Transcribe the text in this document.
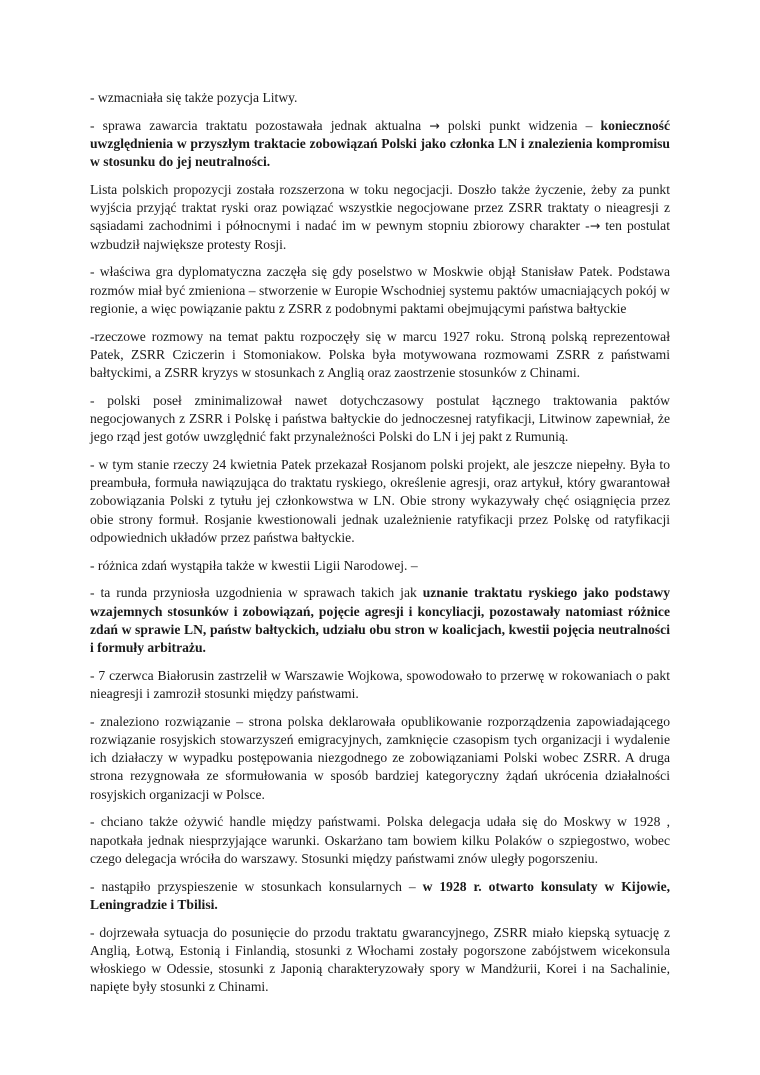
- wzmacniała się także pozycja Litwy.

- sprawa zawarcia traktatu pozostawała jednak aktualna → polski punkt widzenia – konieczność uwzględnienia w przyszłym traktacie zobowiązań Polski jako członka LN i znalezienia kompromisu w stosunku do jej neutralności.

Lista polskich propozycji została rozszerzona w toku negocjacji. Doszło także życzenie, żeby za punkt wyjścia przyjąć traktat ryski oraz powiązać wszystkie negocjowane przez ZSRR traktaty o nieagresji z sąsiadami zachodnimi i północnymi i nadać im w pewnym stopniu zbiorowy charakter -→ ten postulat wzbudził największe protesty Rosji.

- właściwa gra dyplomatyczna zaczęła się gdy poselstwo w Moskwie objął Stanisław Patek. Podstawa rozmów miał być zmieniona – stworzenie w Europie Wschodniej systemu paktów umacniających pokój w regionie, a więc powiązanie paktu z ZSRR z podobnymi paktami obejmującymi państwa bałtyckie

-rzeczowe rozmowy na temat paktu rozpoczęły się w marcu 1927 roku. Stroną polską reprezentował Patek, ZSRR Cziczerin i Stomoniakow. Polska była motywowana rozmowami ZSRR z państwami bałtyckimi, a ZSRR kryzys w stosunkach z Anglią oraz zaostrzenie stosunków z Chinami.

- polski poseł zminimalizował nawet dotychczasowy postulat łącznego traktowania paktów negocjowanych z ZSRR i Polskę i państwa bałtyckie do jednoczesnej ratyfikacji, Litwinow zapewniał, że jego rząd jest gotów uwzględnić fakt przynależności Polski do LN i jej pakt z Rumunią.

- w tym stanie rzeczy 24 kwietnia Patek przekazał Rosjanom polski projekt, ale jeszcze niepełny. Była to preambuła, formuła nawiązująca do traktatu ryskiego, określenie agresji, oraz artykuł, który gwarantował zobowiązania Polski z tytułu jej członkowstwa w LN. Obie strony wykazywały chęć osiągnięcia przez obie strony formuł. Rosjanie kwestionowali jednak uzależnienie ratyfikacji przez Polskę od ratyfikacji odpowiednich układów przez państwa bałtyckie.

- różnica zdań wystąpiła także w kwestii Ligii Narodowej. –

- ta runda przyniosła uzgodnienia w sprawach takich jak uznanie traktatu ryskiego jako podstawy wzajemnych stosunków i zobowiązań, pojęcie agresji i koncyliacji, pozostawały natomiast różnice zdań w sprawie LN, państw bałtyckich, udziału obu stron w koalicjach, kwestii pojęcia neutralności i formuły arbitrażu.

- 7 czerwca Białorusin zastrzelił w Warszawie Wojkowa, spowodowało to przerwę w rokowaniach o pakt nieagresji i zamroził stosunki między państwami.

- znaleziono rozwiązanie – strona polska deklarowała opublikowanie rozporządzenia zapowiadającego rozwiązanie rosyjskich stowarzyszeń emigracyjnych, zamknięcie czasopism tych organizacji i wydalenie ich działaczy w wypadku postępowania niezgodnego ze zobowiązaniami Polski wobec ZSRR. A druga strona rezygnowała ze sformułowania w sposób bardziej kategoryczny żądań ukrócenia działalności rosyjskich organizacji w Polsce.

- chciano także ożywić handle między państwami. Polska delegacja udała się do Moskwy w 1928 , napotkała jednak niesprzyjające warunki. Oskarżano tam bowiem kilku Polaków o szpiegostwo, wobec czego delegacja wróciła do warszawy. Stosunki między państwami znów uległy pogorszeniu.

- nastąpiło przyspieszenie w stosunkach konsularnych – w 1928 r. otwarto konsulaty w Kijowie, Leningradzie i Tbilisi.

- dojrzewała sytuacja do posunięcie do przodu traktatu gwarancyjnego, ZSRR miało kiepską sytuację z Anglią, Łotwą, Estonią i Finlandią, stosunki z Włochami zostały pogorszone zabójstwem wicekonsula włoskiego w Odessie, stosunki z Japonią charakteryzowały spory w Mandżurii, Korei i na Sachalinie, napięte były stosunki z Chinami.
